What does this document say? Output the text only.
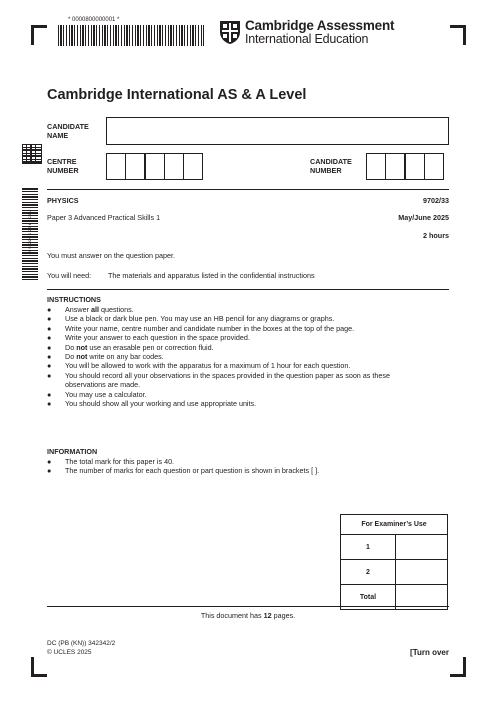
* 0000800000001 *	Cambridge Assessment
International Education
Cambridge International AS & A Level
CANDIDATE
NAME
CENTRE
NUMBER
CANDIDATE
NUMBER
* 6 5 0 4 8 5 5 6 5 5 5 0 *
PHYSICS	9702/33
Paper 3 Advanced Practical Skills 1	May/June 2025
2 hours
You must answer on the question paper.
You will need: The materials and apparatus listed in the confidential instructions
INSTRUCTIONS
● Answer all questions.
● Use a black or dark blue pen. You may use an HB pencil for any diagrams or graphs.
● Write your name, centre number and candidate number in the boxes at the top of the page.
● Write your answer to each question in the space provided.
● Do not use an erasable pen or correction fluid.
● Do not write on any bar codes.
● You will be allowed to work with the apparatus for a maximum of 1 hour for each question.
● You should record all your observations in the spaces provided in the question paper as soon as these observations are made.
● You may use a calculator.
● You should show all your working and use appropriate units.
INFORMATION
● The total mark for this paper is 40.
● The number of marks for each question or part question is shown in brackets [ ].
For Examiner’s Use	
1	
2	
Total	
This document has 12 pages.
DC (PB (KN)) 342342/2
© UCLES 2025	[Turn over
